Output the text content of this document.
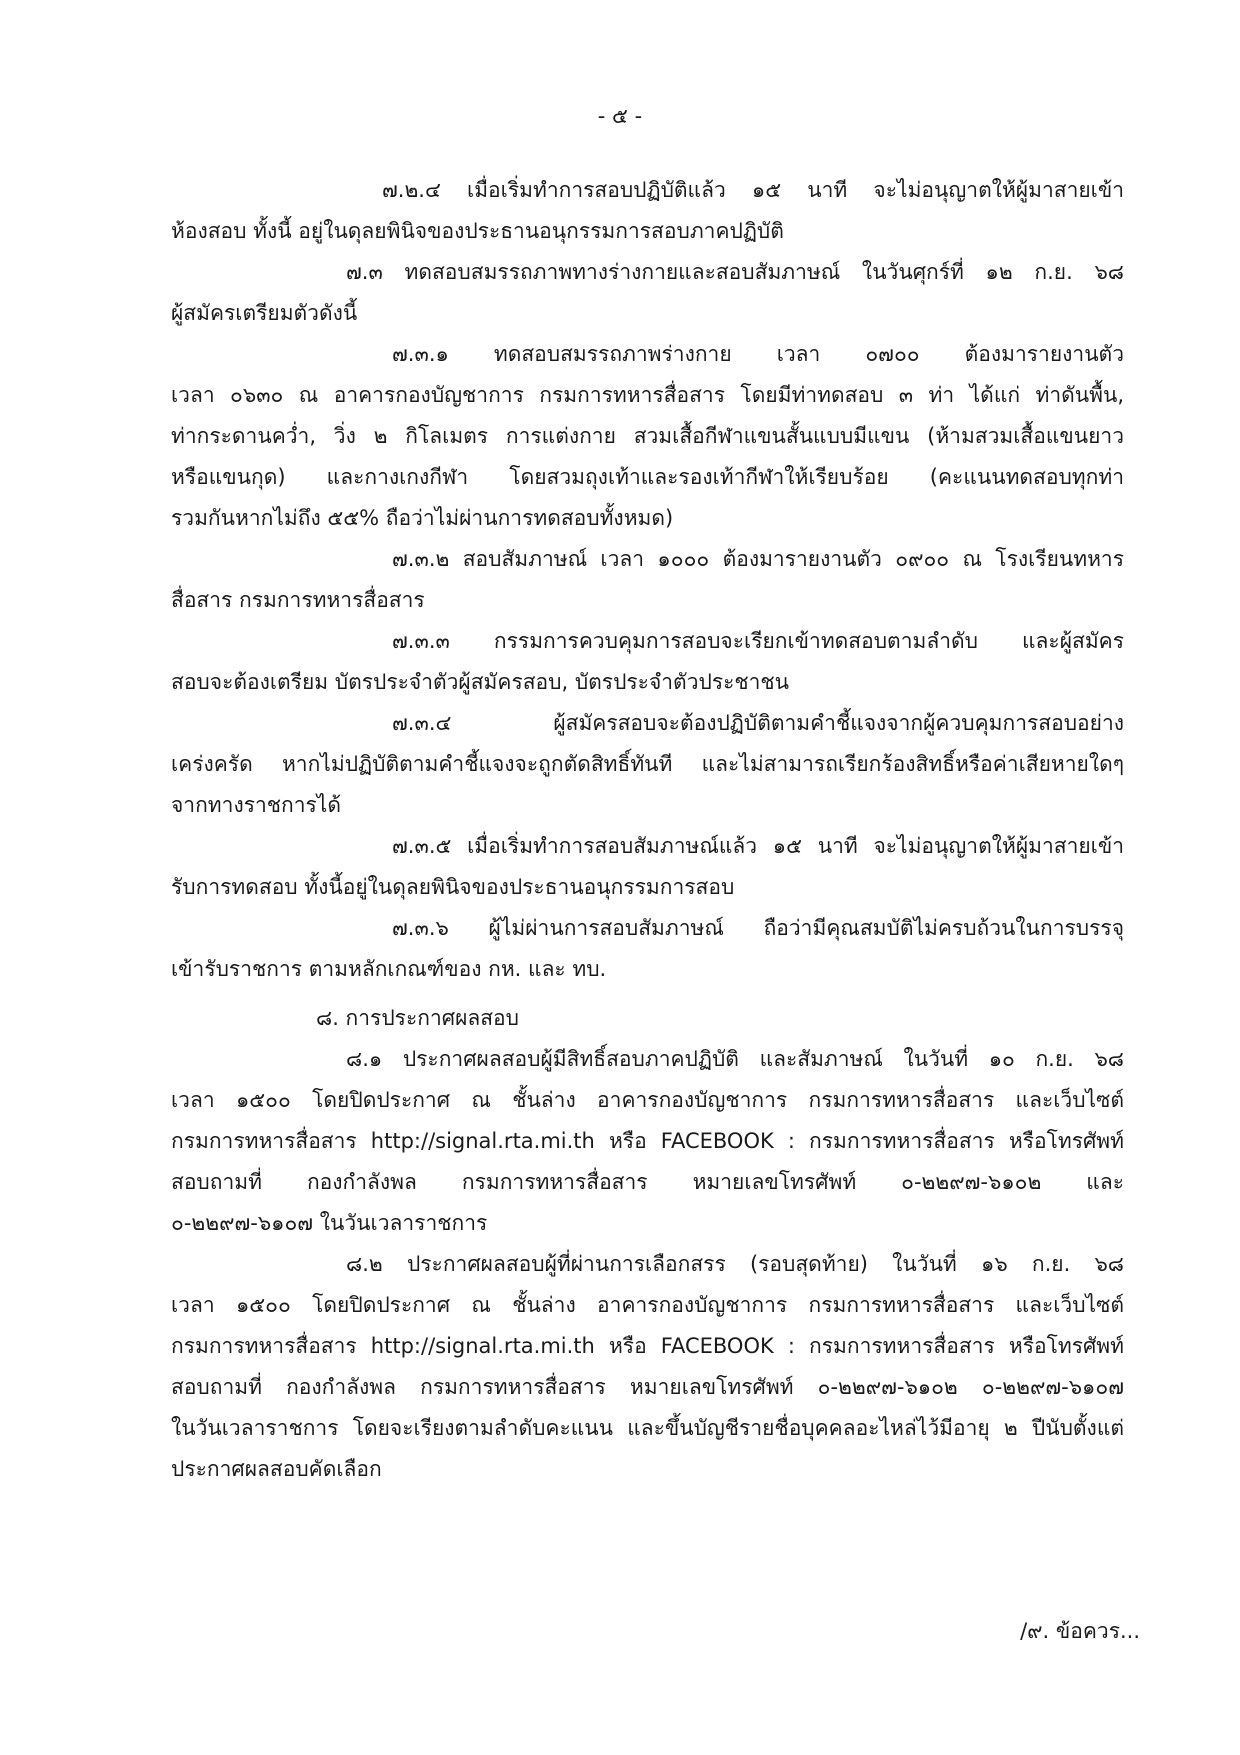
- ๕ -
๗.๒.๔ เมื่อเริ่มทำการสอบปฏิบัติแล้ว ๑๕ นาที จะไม่อนุญาตให้ผู้มาสายเข้า
ห้องสอบ ทั้งนี้ อยู่ในดุลยพินิจของประธานอนุกรรมการสอบภาคปฏิบัติ
๗.๓ ทดสอบสมรรถภาพทางร่างกายและสอบสัมภาษณ์ ในวันศุกร์ที่ ๑๒ ก.ย. ๖๘
ผู้สมัครเตรียมตัวดังนี้
๗.๓.๑ ทดสอบสมรรถภาพร่างกาย เวลา ๐๗๐๐ ต้องมารายงานตัว
เวลา ๐๖๓๐ ณ อาคารกองบัญชาการ กรมการทหารสื่อสาร โดยมีท่าทดสอบ ๓ ท่า ได้แก่ ท่าดันพื้น,
ท่ากระดานคว่ำ, วิ่ง ๒ กิโลเมตร การแต่งกาย สวมเสื้อกีฬาแขนสั้นแบบมีแขน (ห้ามสวมเสื้อแขนยาว
หรือแขนกุด) และกางเกงกีฬา โดยสวมถุงเท้าและรองเท้ากีฬาให้เรียบร้อย (คะแนนทดสอบทุกท่า
รวมกันหากไม่ถึง ๕๕% ถือว่าไม่ผ่านการทดสอบทั้งหมด)
๗.๓.๒ สอบสัมภาษณ์ เวลา ๑๐๐๐ ต้องมารายงานตัว ๐๙๐๐ ณ โรงเรียนทหาร
สื่อสาร กรมการทหารสื่อสาร
๗.๓.๓ กรรมการควบคุมการสอบจะเรียกเข้าทดสอบตามลำดับ และผู้สมัคร
สอบจะต้องเตรียม บัตรประจำตัวผู้สมัครสอบ, บัตรประจำตัวประชาชน
๗.๓.๔ ผู้สมัครสอบจะต้องปฏิบัติตามคำชี้แจงจากผู้ควบคุมการสอบอย่าง
เคร่งครัด หากไม่ปฏิบัติตามคำชี้แจงจะถูกตัดสิทธิ์ทันที และไม่สามารถเรียกร้องสิทธิ์หรือค่าเสียหายใดๆ
จากทางราชการได้
๗.๓.๕ เมื่อเริ่มทำการสอบสัมภาษณ์แล้ว ๑๕ นาที จะไม่อนุญาตให้ผู้มาสายเข้า
รับการทดสอบ ทั้งนี้อยู่ในดุลยพินิจของประธานอนุกรรมการสอบ
๗.๓.๖ ผู้ไม่ผ่านการสอบสัมภาษณ์ ถือว่ามีคุณสมบัติไม่ครบถ้วนในการบรรจุ
เข้ารับราชการ ตามหลักเกณฑ์ของ กห. และ ทบ.
๘. การประกาศผลสอบ
๘.๑ ประกาศผลสอบผู้มีสิทธิ์สอบภาคปฏิบัติ และสัมภาษณ์ ในวันที่ ๑๐ ก.ย. ๖๘
เวลา ๑๕๐๐ โดยปิดประกาศ ณ ชั้นล่าง อาคารกองบัญชาการ กรมการทหารสื่อสาร และเว็บไซต์
กรมการทหารสื่อสาร http://signal.rta.mi.th หรือ FACEBOOK : กรมการทหารสื่อสาร หรือโทรศัพท์
สอบถามที่ กองกำลังพล กรมการทหารสื่อสาร หมายเลขโทรศัพท์ ๐-๒๒๙๗-๖๑๐๒ และ
๐-๒๒๙๗-๖๑๐๗ ในวันเวลาราชการ
๘.๒ ประกาศผลสอบผู้ที่ผ่านการเลือกสรร (รอบสุดท้าย) ในวันที่ ๑๖ ก.ย. ๖๘
เวลา ๑๕๐๐ โดยปิดประกาศ ณ ชั้นล่าง อาคารกองบัญชาการ กรมการทหารสื่อสาร และเว็บไซต์
กรมการทหารสื่อสาร http://signal.rta.mi.th หรือ FACEBOOK : กรมการทหารสื่อสาร หรือโทรศัพท์
สอบถามที่ กองกำลังพล กรมการทหารสื่อสาร หมายเลขโทรศัพท์ ๐-๒๒๙๗-๖๑๐๒ ๐-๒๒๙๗-๖๑๐๗
ในวันเวลาราชการ โดยจะเรียงตามลำดับคะแนน และขึ้นบัญชีรายชื่อบุคคลอะไหล่ไว้มีอายุ ๒ ปีนับตั้งแต่
ประกาศผลสอบคัดเลือก
/๙. ข้อควร...
